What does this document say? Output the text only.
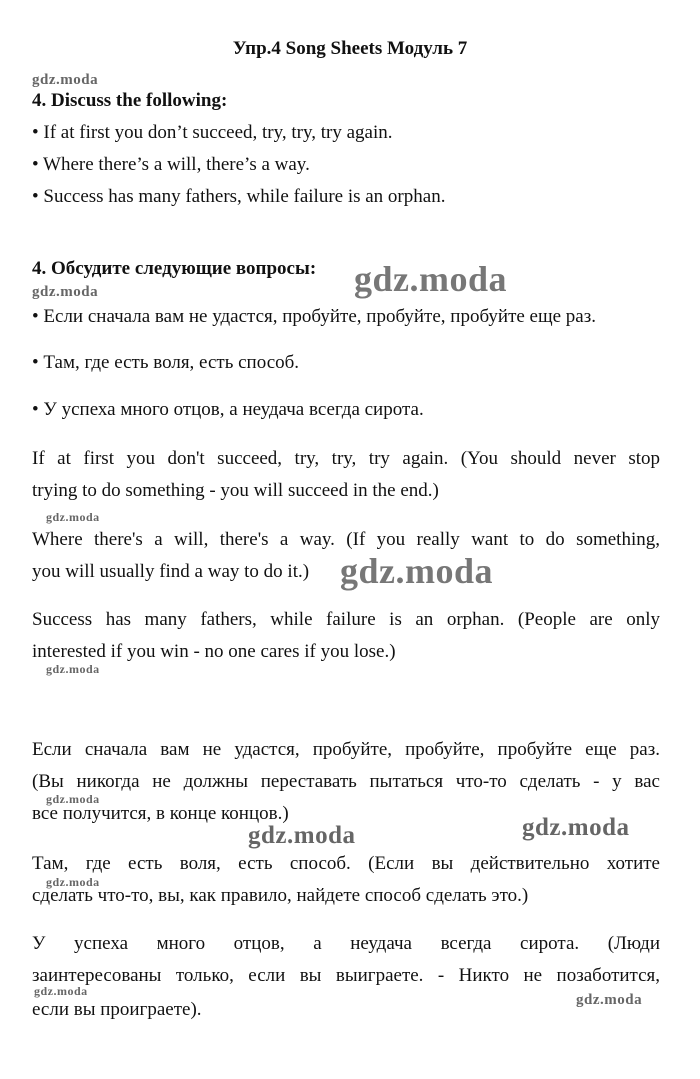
Упр.4 Song Sheets Модуль 7
gdz.moda
4. Discuss the following:
• If at first you don’t succeed, try, try, try again.
• Where there’s a will, there’s a way.
• Success has many fathers, while failure is an orphan.
4. Обсудите следующие вопросы: gdz.moda
gdz.moda
• Если сначала вам не удастся, пробуйте, пробуйте, пробуйте еще раз.
• Там, где есть воля, есть способ.
• У успеха много отцов, а неудача всегда сирота.
If at first you don't succeed, try, try, try again. (You should never stop
trying to do something - you will succeed in the end.)
gdz.moda
Where there's a will, there's a way. (If you really want to do something,
you will usually find a way to do it.) gdz.moda
Success has many fathers, while failure is an orphan. (People are only
interested if you win - no one cares if you lose.)
gdz.moda
Если сначала вам не удастся, пробуйте, пробуйте, пробуйте еще раз.
(Вы никогда не должны переставать пытаться что-то сделать - у вас
gdz.moda
все получится, в конце концов.)
gdz.moda	gdz.moda
Там, где есть воля, есть способ. (Если вы действительно хотите
gdz.moda
сделать что-то, вы, как правило, найдете способ сделать это.)
У успеха много отцов, а неудача всегда сирота. (Люди
заинтересованы только, если вы выиграете. - Никто не позаботится,
gdz.moda
gdz.moda
если вы проиграете).
